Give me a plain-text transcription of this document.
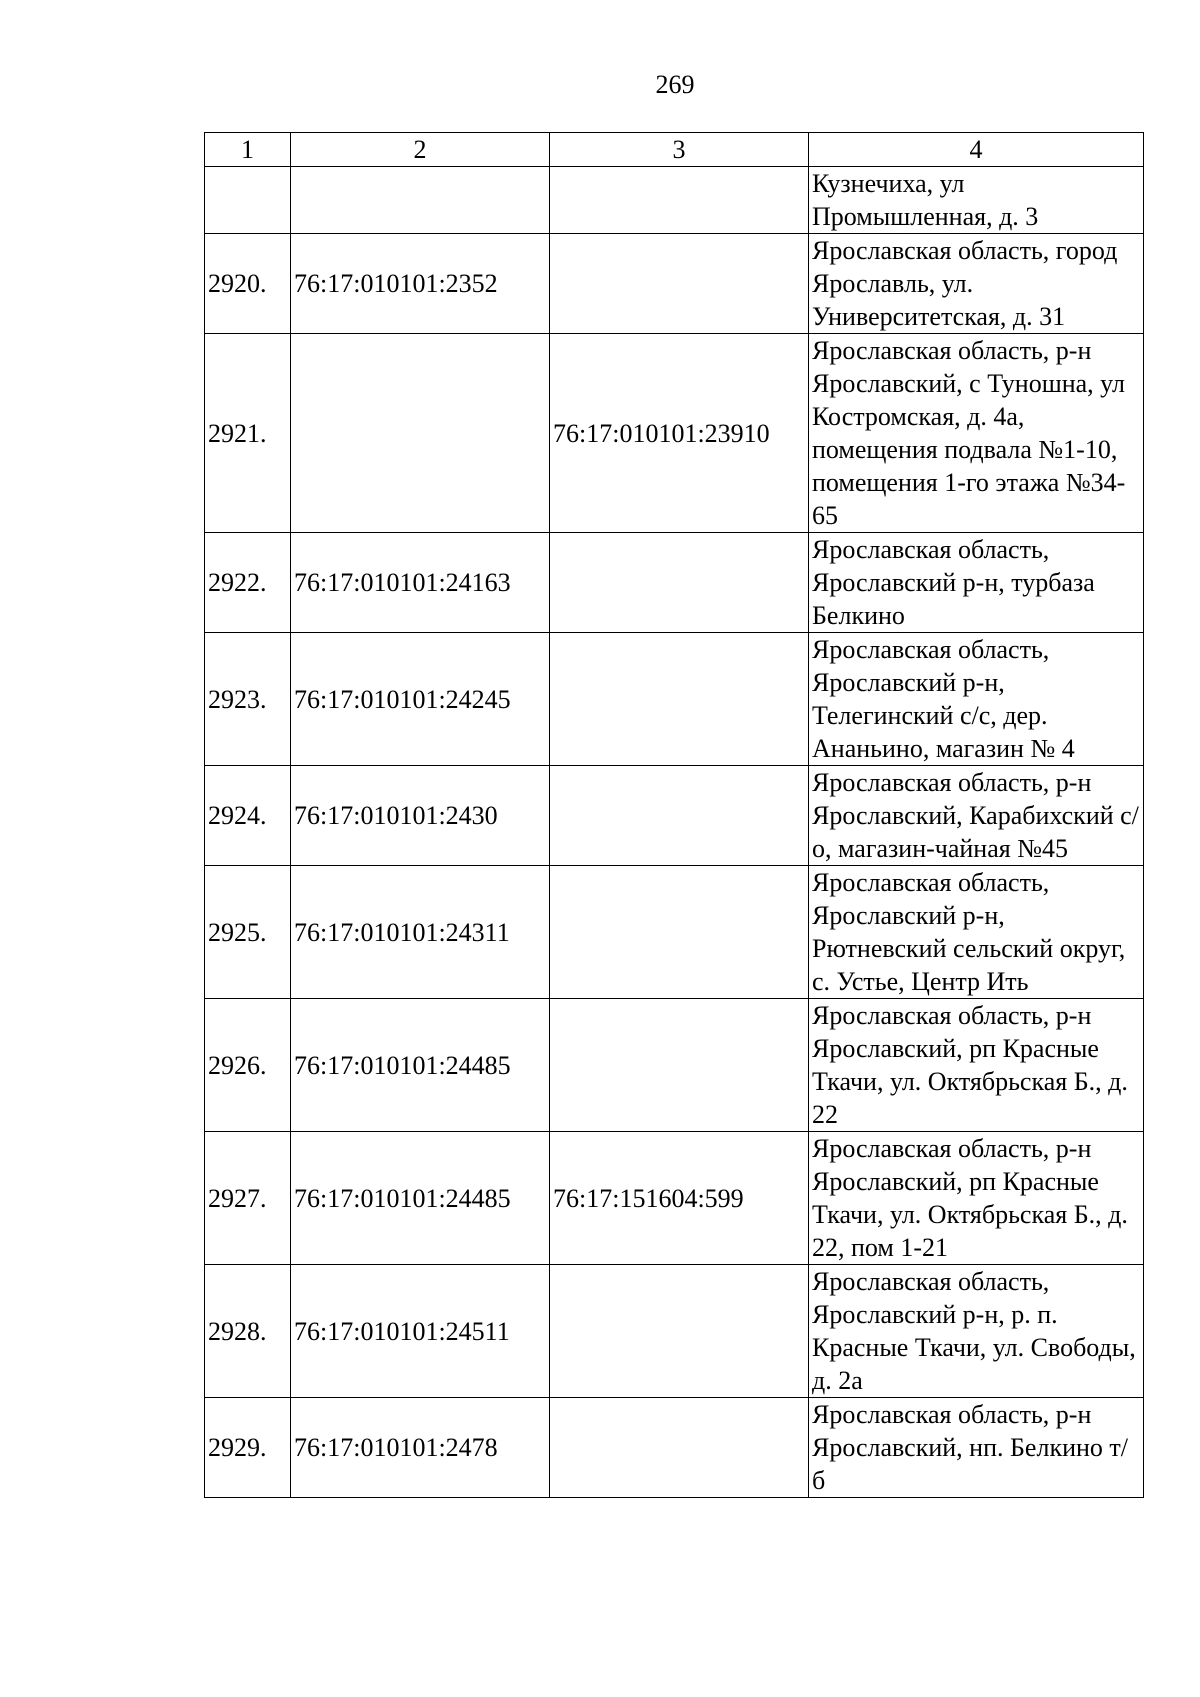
269
1	2	3	4
			Кузнечиха, ул Промышленная, д. 3
2920.	76:17:010101:2352		Ярославская область, город Ярославль, ул. Университетская, д. 31
2921.		76:17:010101:23910	Ярославская область, р-н Ярославский, с Туношна, ул Костромская, д. 4а, помещения подвала №1-10, помещения 1-го этажа №34-65
2922.	76:17:010101:24163		Ярославская область, Ярославский р-н, турбаза Белкино
2923.	76:17:010101:24245		Ярославская область, Ярославский р-н, Телегинский с/с, дер. Ананьино, магазин № 4
2924.	76:17:010101:2430		Ярославская область, р-н Ярославский, Карабихский с/о, магазин-чайная №45
2925.	76:17:010101:24311		Ярославская область, Ярославский р-н, Рютневский сельский округ, с. Устье, Центр Ить
2926.	76:17:010101:24485		Ярославская область, р-н Ярославский, рп Красные Ткачи, ул. Октябрьская Б., д. 22
2927.	76:17:010101:24485	76:17:151604:599	Ярославская область, р-н Ярославский, рп Красные Ткачи, ул. Октябрьская Б., д. 22, пом 1-21
2928.	76:17:010101:24511		Ярославская область, Ярославский р-н, р. п. Красные Ткачи, ул. Свободы, д. 2а
2929.	76:17:010101:2478		Ярославская область, р-н Ярославский, нп. Белкино т/б
